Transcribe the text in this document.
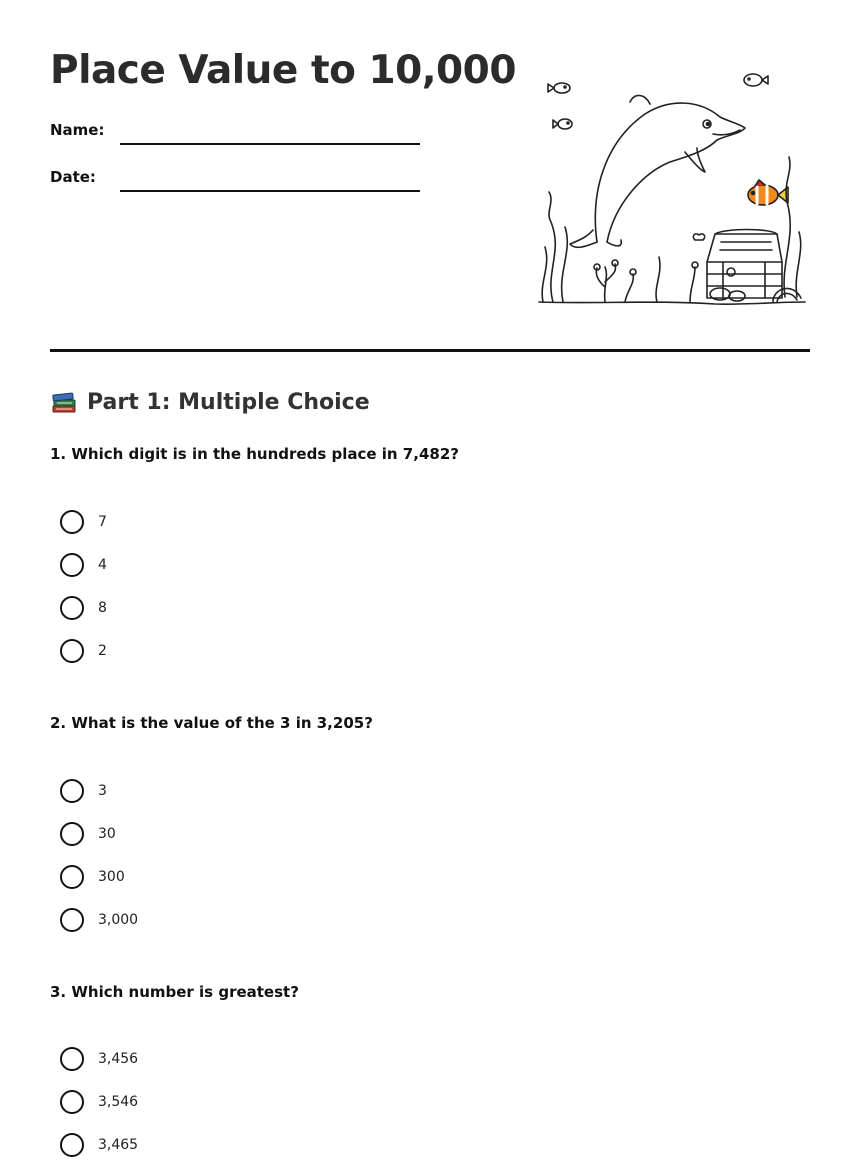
Place Value to 10,000
Name:
Date:
Part 1: Multiple Choice
1. Which digit is in the hundreds place in 7,482?
7
4
8
2
2. What is the value of the 3 in 3,205?
3
30
300
3,000
3. Which number is greatest?
3,456
3,546
3,465
